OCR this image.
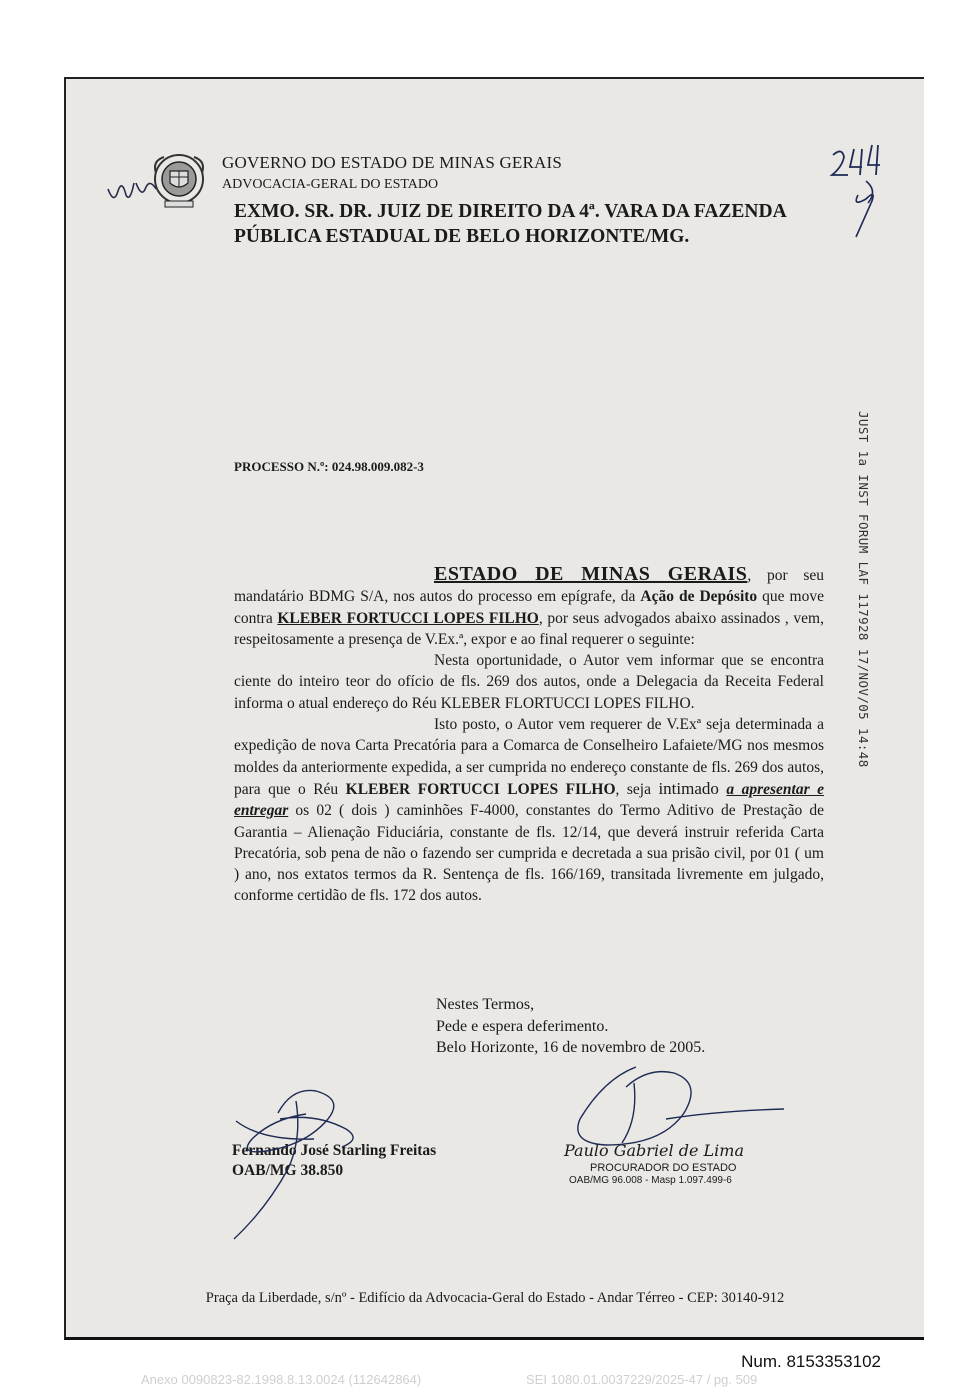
GOVERNO DO ESTADO DE MINAS GERAIS
ADVOCACIA-GERAL DO ESTADO
EXMO. SR. DR. JUIZ DE DIREITO DA 4ª. VARA DA FAZENDA
PÚBLICA ESTADUAL DE BELO HORIZONTE/MG.
JUST 1a INST FORUM LAF 117928 17/NOV/05 14:48
PROCESSO N.º: 024.98.009.082-3

ESTADO DE MINAS GERAIS, por seu mandatário BDMG S/A, nos autos do processo em epígrafe, da Ação de Depósito que move contra KLEBER FORTUCCI LOPES FILHO, por seus advogados abaixo assinados , vem, respeitosamente a presença de V.Ex.ª, expor e ao final requerer o seguinte:

Nesta oportunidade, o Autor vem informar que se encontra ciente do inteiro teor do ofício de fls. 269 dos autos, onde a Delegacia da Receita Federal informa o atual endereço do Réu KLEBER FLORTUCCI LOPES FILHO.

Isto posto, o Autor vem requerer de V.Exª seja determinada a expedição de nova Carta Precatória para a Comarca de Conselheiro Lafaiete/MG nos mesmos moldes da anteriormente expedida, a ser cumprida no endereço constante de fls. 269 dos autos, para que o Réu KLEBER FORTUCCI LOPES FILHO, seja intimado a apresentar e entregar os 02 ( dois ) caminhões F-4000, constantes do Termo Aditivo de Prestação de Garantia – Alienação Fiduciária, constante de fls. 12/14, que deverá instruir referida Carta Precatória, sob pena de não o fazendo ser cumprida e decretada a sua prisão civil, por 01 ( um ) ano, nos extatos termos da R. Sentença de fls. 166/169, transitada livremente em julgado, conforme certidão de fls. 172 dos autos.

Nestes Termos,
Pede e espera deferimento.
Belo Horizonte, 16 de novembro de 2005.
Fernando José Starling Freitas
OAB/MG 38.850
Paulo Gabriel de Lima
PROCURADOR DO ESTADO
OAB/MG 96.008 - Masp 1.097.499-6
Praça da Liberdade, s/nº - Edifício da Advocacia-Geral do Estado - Andar Térreo - CEP: 30140-912
Num. 8153353102
Anexo 0090823-82.1998.8.13.0024 (112642864)	SEI 1080.01.0037229/2025-47 / pg. 509
